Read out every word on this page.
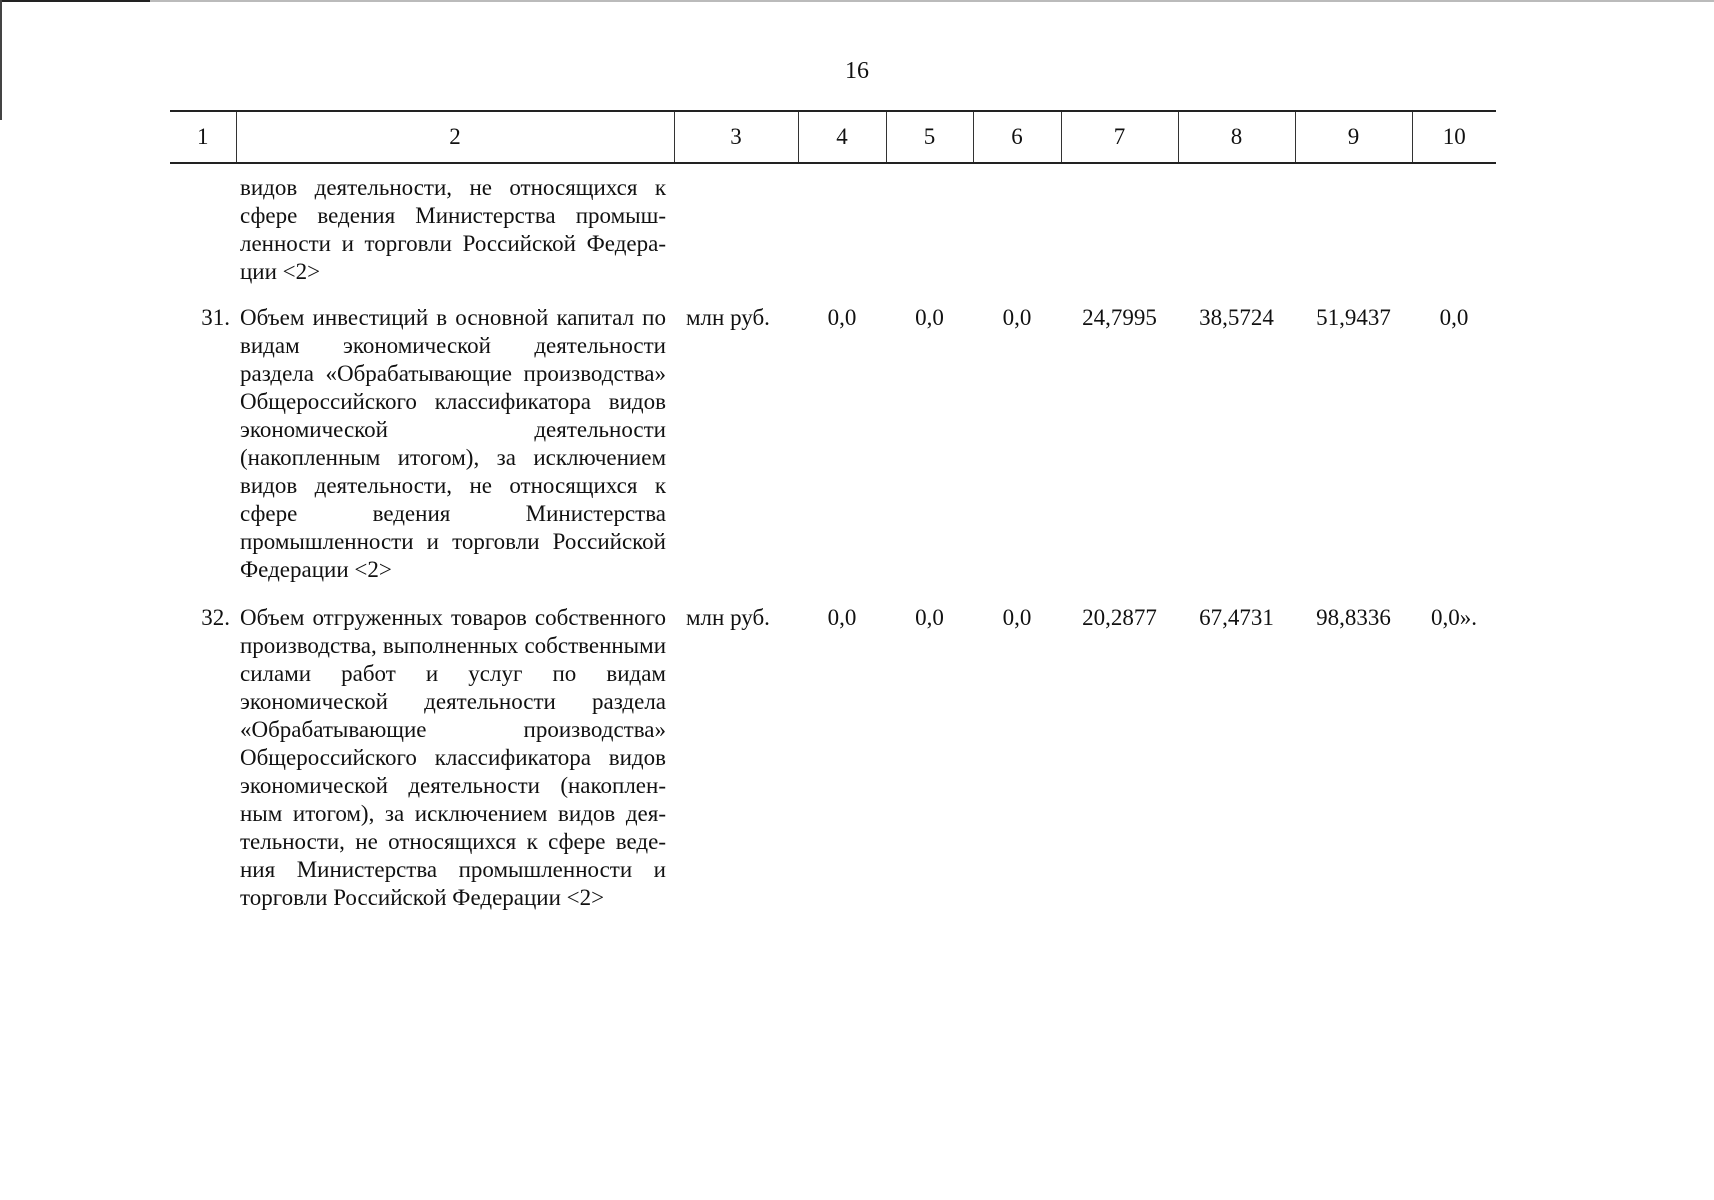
16
1	2	3	4	5	6	7	8	9	10
	видов деятельности, не относящихся к сфере ведения Министерства промышленности и торговли Российской Федерации <2>								
31.	Объем инвестиций в основной капитал по видам экономической деятельности раздела «Обрабатывающие производства» Общероссийского классификатора видов экономической деятельности (накопленным итогом), за исключением видов деятельности, не относящихся к сфере ведения Министерства промышленности и торговли Российской Федерации <2>	млн руб.	0,0	0,0	0,0	24,7995	38,5724	51,9437	0,0
32.	Объем отгруженных товаров собственного производства, выполненных собственными силами работ и услуг по видам экономической деятельности раздела «Обрабатывающие производства» Общероссийского классификатора видов экономической деятельности (накопленным итогом), за исключением видов деятельности, не относящихся к сфере ведения Министерства промышленности и торговли Российской Федерации <2>	млн руб.	0,0	0,0	0,0	20,2877	67,4731	98,8336	0,0».
